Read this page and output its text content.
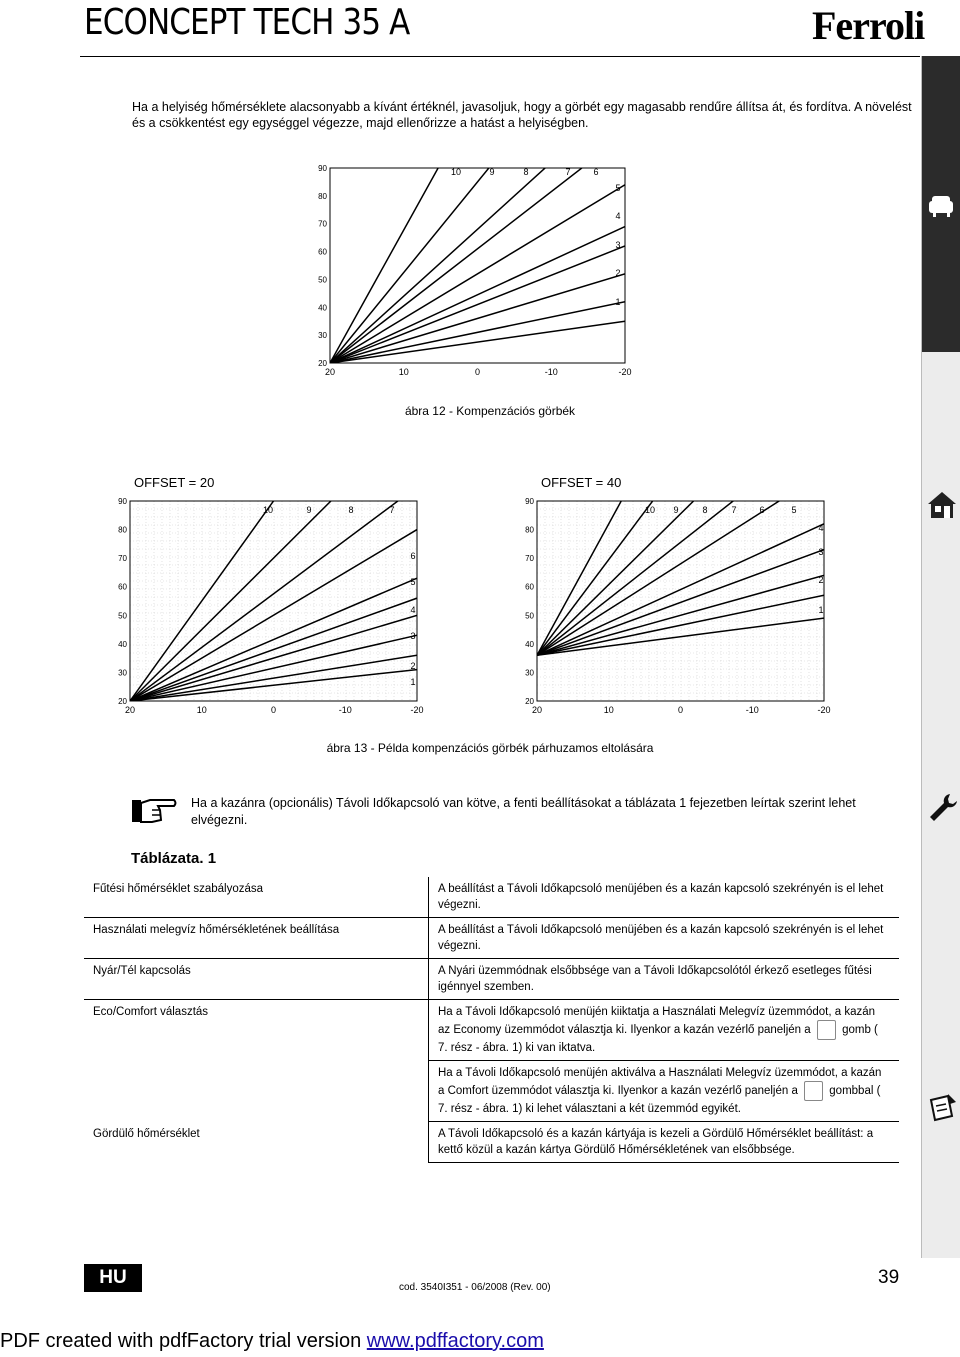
ECONCEPT TECH 35 A	Ferroli

Ha a helyiség hőmérséklete alacsonyabb a kívánt értéknél, javasoljuk, hogy a görbét egy magasabb rendűre állítsa át, és fordítva. A növelést és a csökkentést egy egységgel végezze, majd ellenőrizze a hatást a helyiségben.

90
80
70
60
50
40
30
20
20	10	0	-10	-20
10	9	8	7	6
5
4
3
2
1
ábra 12 - Kompenzációs görbék
OFFSET = 20
90
80
70
60
50
40
30
20
20	10	0	-10	-20
10	9	8	7
6
5
4
3
2
1
OFFSET = 40
90
80
70
60
50
40
30
20
20	10	0	-10	-20
10 9	8	7	6	5
4
3
2
1
ábra 13 - Példa kompenzációs görbék párhuzamos eltolására

Ha a kazánra (opcionális) Távoli Időkapcsoló van kötve, a fenti beállításokat a táblázata 1 fejezetben leírtak szerint lehet elvégezni.

Táblázata. 1
Fűtési hőmérséklet szabályozása	A beállítást a Távoli Időkapcsoló menüjében és a kazán kapcsoló szekrényén is el lehet végezni.
Használati melegvíz hőmérsékletének beállítása	A beállítást a Távoli Időkapcsoló menüjében és a kazán kapcsoló szekrényén is el lehet végezni.
Nyár/Tél kapcsolás	A Nyári üzemmódnak elsőbbsége van a Távoli Időkapcsolótól érkező esetleges fűtési igénnyel szemben.
Eco/Comfort választás	Ha a Távoli Időkapcsoló menüjén kiiktatja a Használati Melegvíz üzemmódot, a kazán az Economy üzemmódot választja ki. Ilyenkor a kazán vezérlő paneljén a gomb ( 7. rész - ábra. 1) ki van iktatva.
	Ha a Távoli Időkapcsoló menüjén aktiválva a Használati Melegvíz üzemmódot, a kazán a Comfort üzemmódot választja ki. Ilyenkor a kazán vezérlő paneljén a gombbal ( 7. rész - ábra. 1) ki lehet választani a két üzemmód egyikét.
Gördülő hőmérséklet	A Távoli Időkapcsoló és a kazán kártyája is kezeli a Gördülő Hőmérséklet beállítást: a kettő közül a kazán kártya Gördülő Hőmérsékletének van elsőbbsége.
HU	cod. 3540I351 - 06/2008 (Rev. 00)	39
PDF created with pdfFactory trial version www.pdffactory.com
